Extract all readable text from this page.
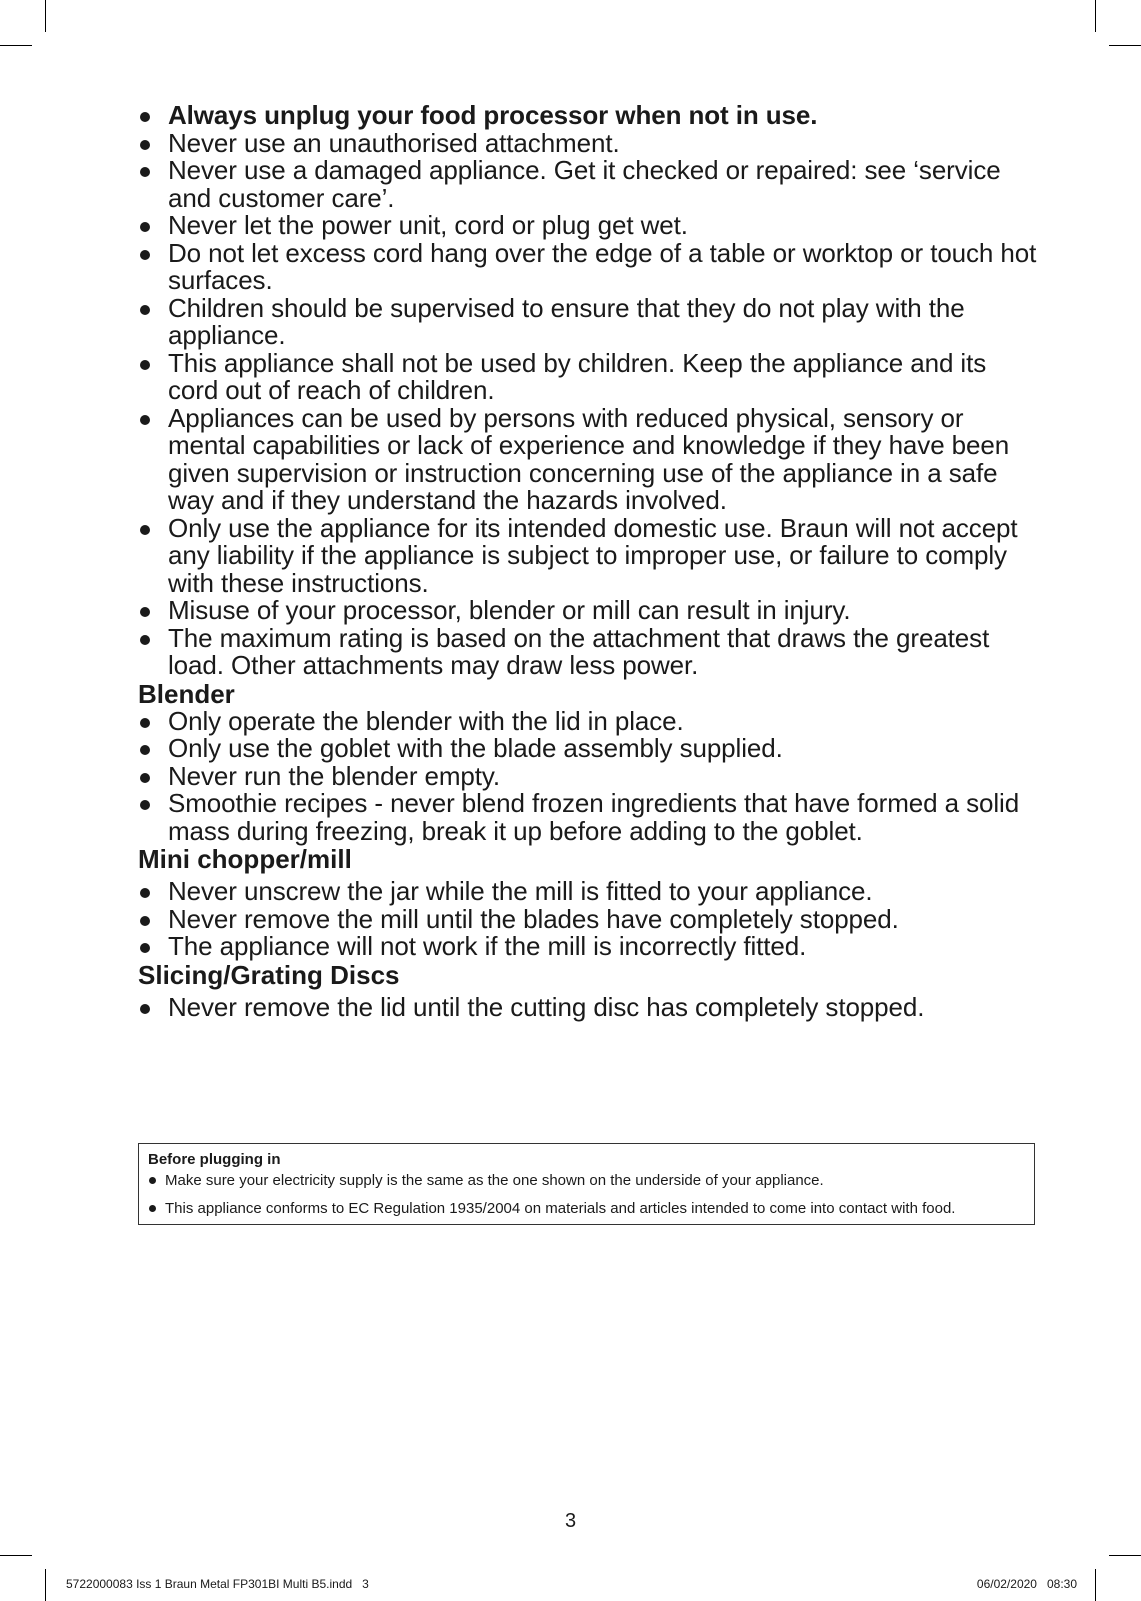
Always unplug your food processor when not in use.
Never use an unauthorised attachment.
Never use a damaged appliance. Get it checked or repaired: see ‘service and customer care’.
Never let the power unit, cord or plug get wet.
Do not let excess cord hang over the edge of a table or worktop or touch hot surfaces.
Children should be supervised to ensure that they do not play with the appliance.
This appliance shall not be used by children. Keep the appliance and its cord out of reach of children.
Appliances can be used by persons with reduced physical, sensory or mental capabilities or lack of experience and knowledge if they have been given supervision or instruction concerning use of the appliance in a safe way and if they understand the hazards involved.
Only use the appliance for its intended domestic use. Braun will not accept any liability if the appliance is subject to improper use, or failure to comply with these instructions.
Misuse of your processor, blender or mill can result in injury.
The maximum rating is based on the attachment that draws the greatest load. Other attachments may draw less power.
Blender
Only operate the blender with the lid in place.
Only use the goblet with the blade assembly supplied.
Never run the blender empty.
Smoothie recipes - never blend frozen ingredients that have formed a solid mass during freezing, break it up before adding to the goblet.
Mini chopper/mill
Never unscrew the jar while the mill is fitted to your appliance.
Never remove the mill until the blades have completely stopped.
The appliance will not work if the mill is incorrectly fitted.
Slicing/Grating Discs
Never remove the lid until the cutting disc has completely stopped.
Before plugging in
Make sure your electricity supply is the same as the one shown on the underside of your appliance.
This appliance conforms to EC Regulation 1935/2004 on materials and articles intended to come into contact with food.
3
5722000083 Iss 1 Braun Metal FP301BI Multi B5.indd   3	06/02/2020   08:30
